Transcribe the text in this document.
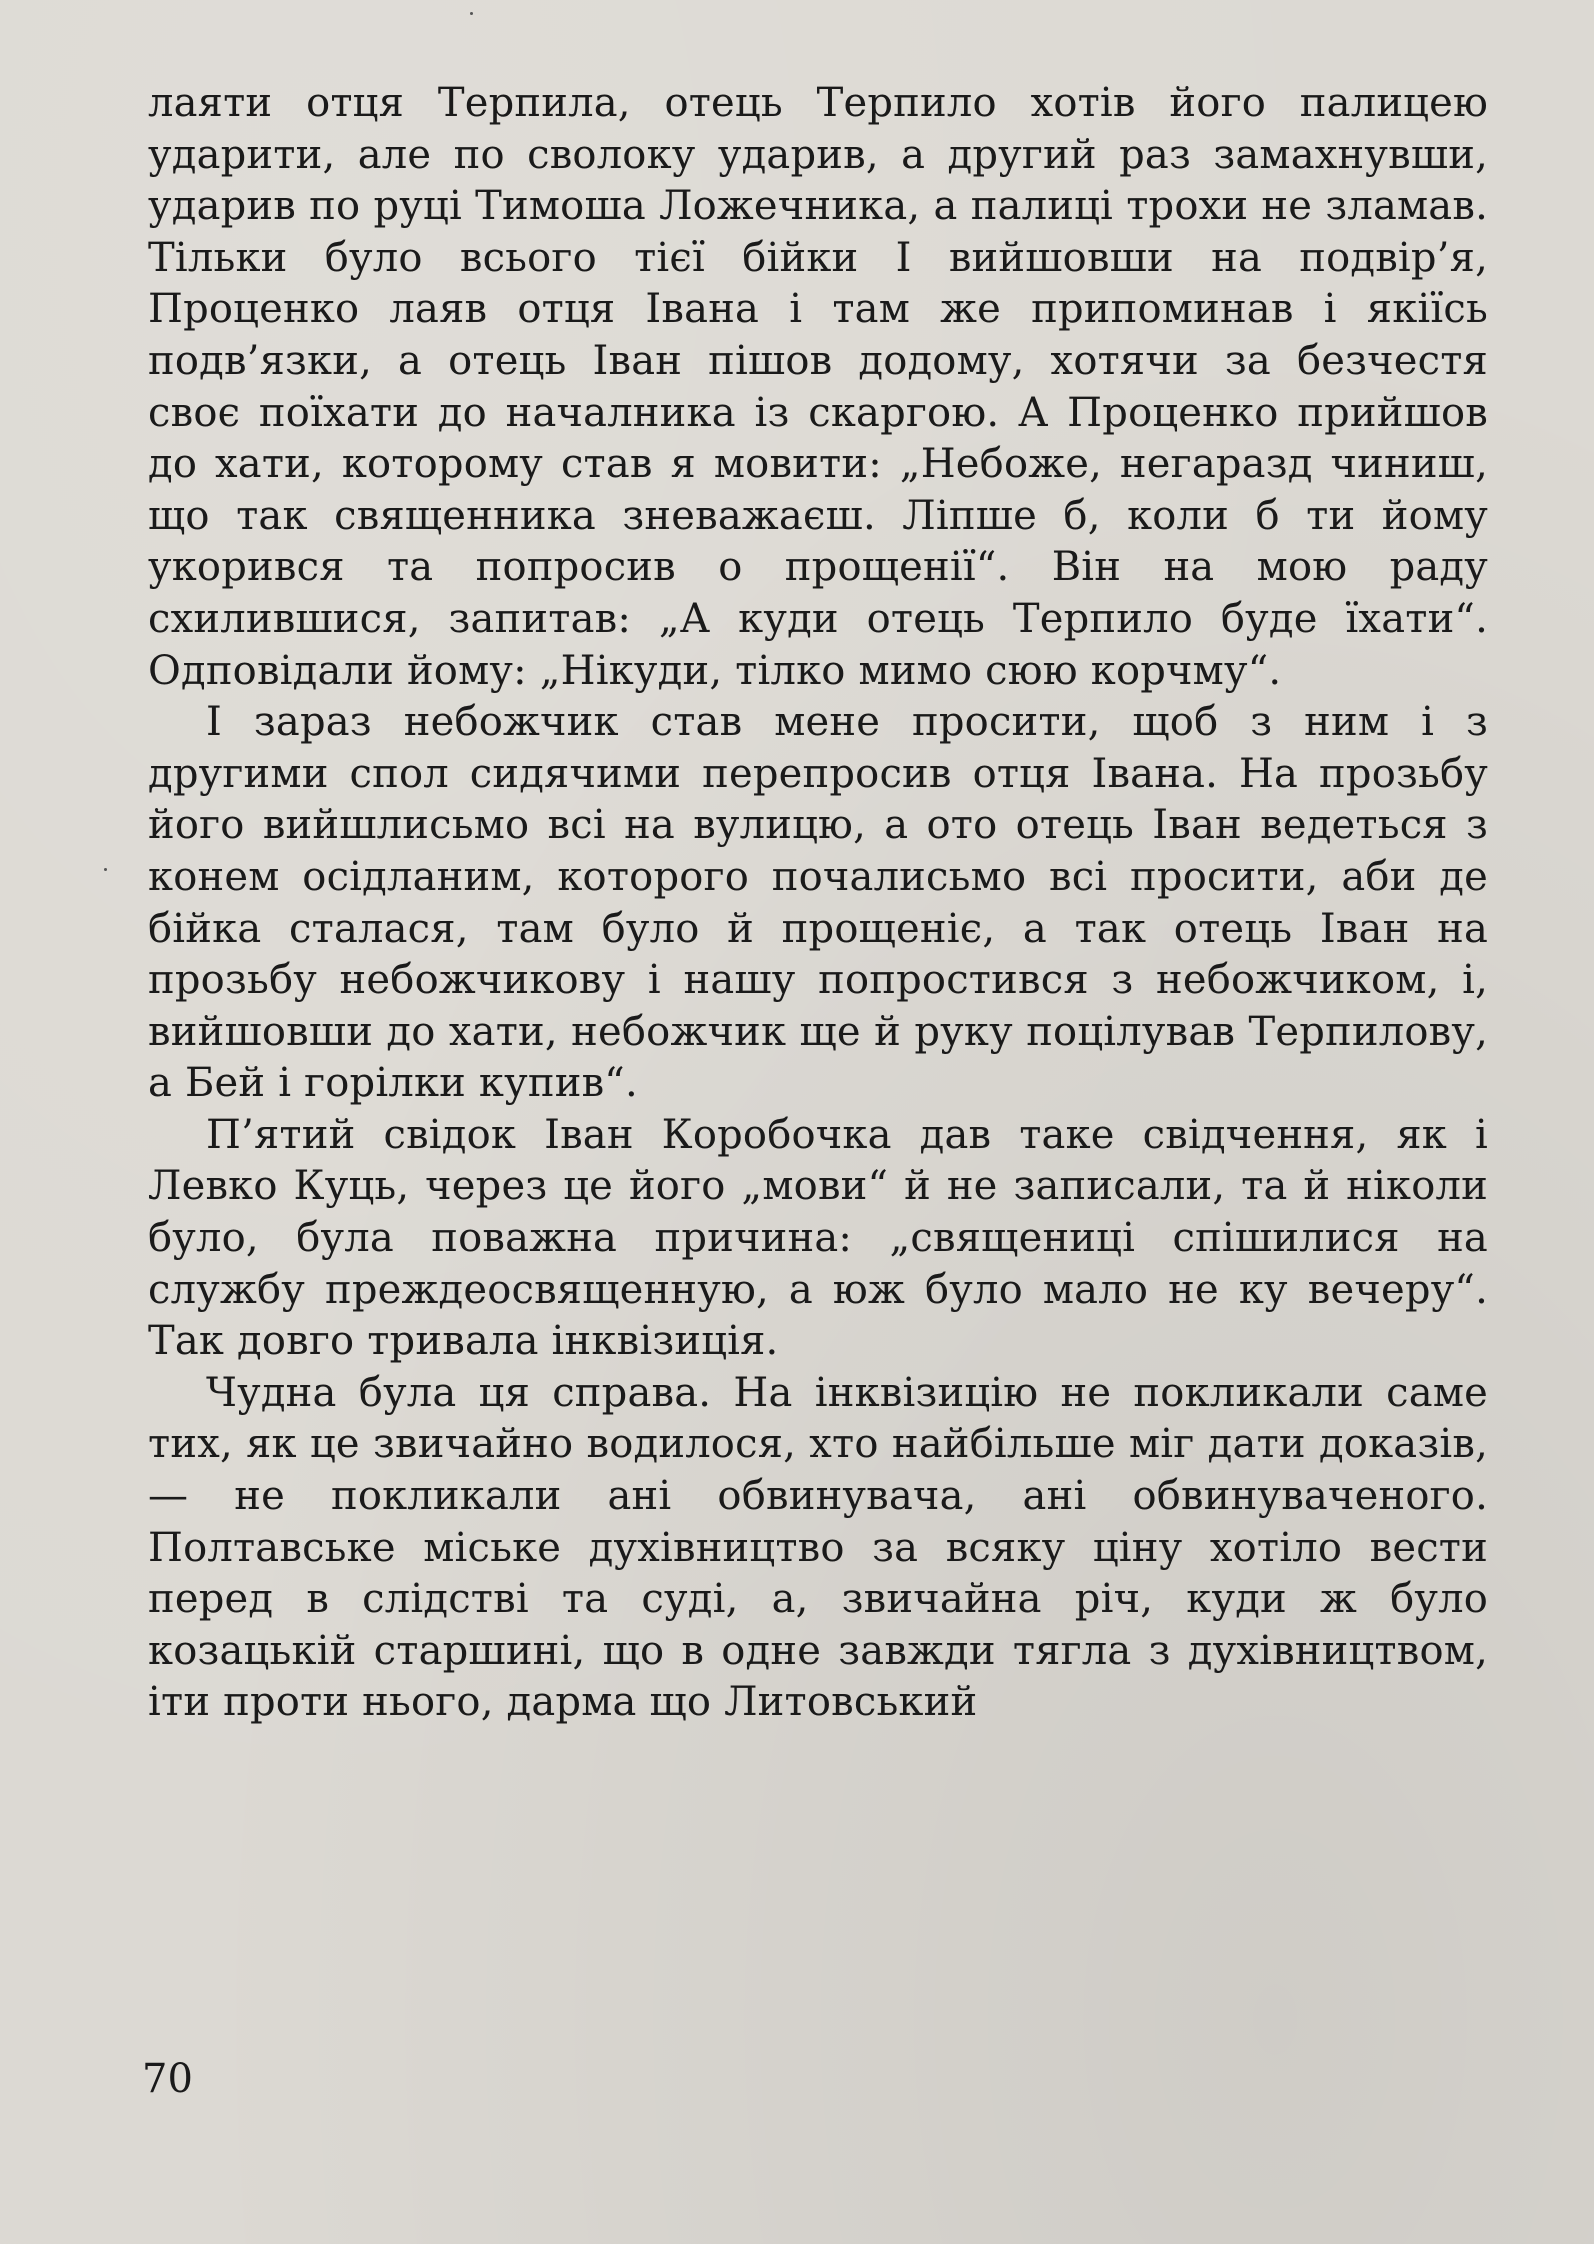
лаяти отця Терпила, отець Терпило хотів його палицею ударити, але по сволоку ударив, а другий раз замахнувши, ударив по руці Тимоша Ложечника, а палиці трохи не зламав. Тільки було всього тієї бійки І вийшовши на подвір’я, Проценко лаяв отця Івана і там же припоминав і якіїсь подв’язки, а отець Іван пішов додому, хотячи за безчестя своє поїхати до началника із скаргою. А Проценко прийшов до хати, которому став я мовити: „Небоже, негаразд чиниш, що так священника зневажаєш. Ліпше б, коли б ти йому укорився та попросив о прощенії“. Він на мою раду схилившися, запитав: „А куди отець Терпило буде їхати“. Одповідали йому: „Нікуди, тілко мимо сюю корчму“.

І зараз небожчик став мене просити, щоб з ним і з другими спол сидячими перепросив отця Івана. На прозьбу його вийшлисьмо всі на вулицю, а ото отець Іван ведеться з конем осідланим, которого почалисьмо всі просити, аби де бійка сталася, там було й прощеніє, а так отець Іван на прозьбу небожчикову і нашу попростився з небожчиком, і, вийшовши до хати, небожчик ще й руку поцілував Терпилову, а Бей і горілки купив“.

П’ятий свідок Іван Коробочка дав таке свідчення, як і Левко Куць, через це його „мови“ й не записали, та й ніколи було, була поважна причина: „священиці спішилися на службу преждеосвященную, а юж було мало не ку вечеру“. Так довго тривала інквізиція.

Чудна була ця справа. На інквізицію не покликали саме тих, як це звичайно водилося, хто найбільше міг дати доказів, — не покликали ані обвинувача, ані обвинуваченого. Полтавське міське духівництво за всяку ціну хотіло вести перед в слідстві та суді, а, звичайна річ, куди ж було козацькій старшині, що в одне завжди тягла з духівництвом, іти проти нього, дарма що Литовський

70
